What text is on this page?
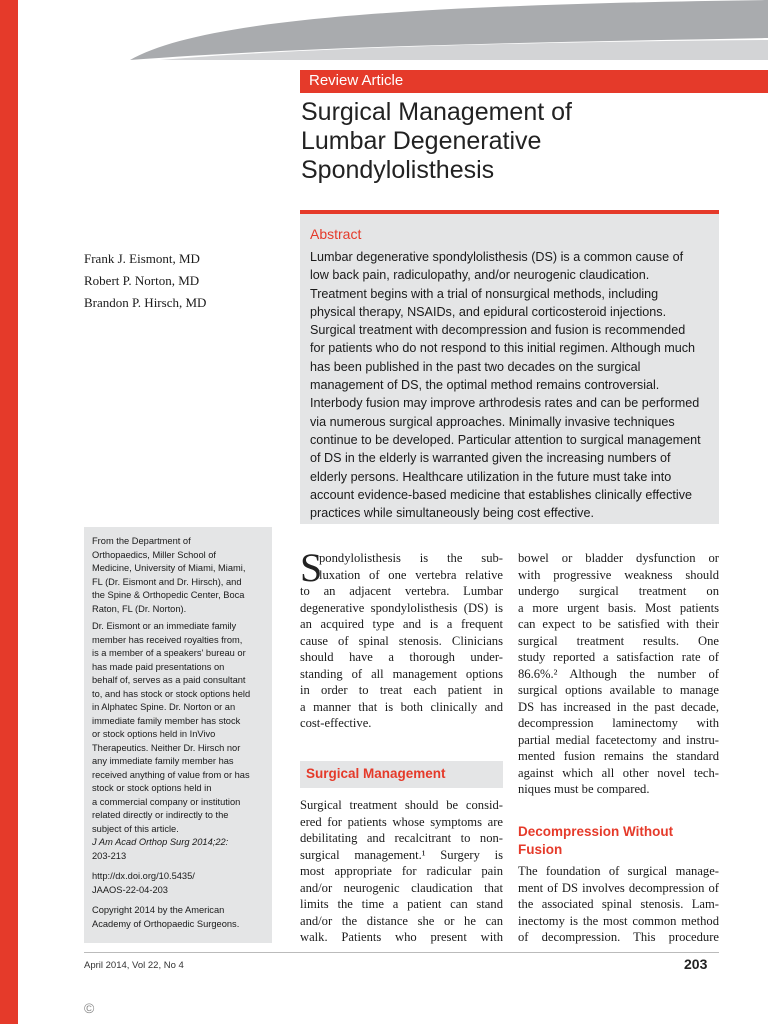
Review Article
Surgical Management of
Lumbar Degenerative
Spondylolisthesis
Frank J. Eismont, MD
Robert P. Norton, MD
Brandon P. Hirsch, MD
Abstract

Lumbar degenerative spondylolisthesis (DS) is a common cause of
low back pain, radiculopathy, and/or neurogenic claudication.
Treatment begins with a trial of nonsurgical methods, including
physical therapy, NSAIDs, and epidural corticosteroid injections.
Surgical treatment with decompression and fusion is recommended
for patients who do not respond to this initial regimen. Although much
has been published in the past two decades on the surgical
management of DS, the optimal method remains controversial.
Interbody fusion may improve arthrodesis rates and can be performed
via numerous surgical approaches. Minimally invasive techniques
continue to be developed. Particular attention to surgical management
of DS in the elderly is warranted given the increasing numbers of
elderly persons. Healthcare utilization in the future must take into
account evidence-based medicine that establishes clinically effective
practices while simultaneously being cost effective.

From the Department of
Orthopaedics, Miller School of
Medicine, University of Miami, Miami,
FL (Dr. Eismont and Dr. Hirsch), and
the Spine & Orthopedic Center, Boca
Raton, FL (Dr. Norton).

Dr. Eismont or an immediate family
member has received royalties from,
is a member of a speakers' bureau or
has made paid presentations on
behalf of, serves as a paid consultant
to, and has stock or stock options held
in Alphatec Spine. Dr. Norton or an
immediate family member has stock
or stock options held in InVivo
Therapeutics. Neither Dr. Hirsch nor
any immediate family member has
received anything of value from or has
stock or stock options held in
a commercial company or institution
related directly or indirectly to the
subject of this article.

J Am Acad Orthop Surg 2014;22:
203-213

http://dx.doi.org/10.5435/
JAAOS-22-04-203

Copyright 2014 by the American
Academy of Orthopaedic Surgeons.

S
pondylolisthesis is the sub-
luxation of one vertebra relative
to an adjacent vertebra. Lumbar
degenerative spondylolisthesis (DS) is
an acquired type and is a frequent
cause of spinal stenosis. Clinicians
should have a thorough under-
standing of all management options
in order to treat each patient in
a manner that is both clinically and
cost-effective.
Surgical Management
Surgical treatment should be consid-
ered for patients whose symptoms are
debilitating and recalcitrant to non-
surgical management.¹ Surgery is
most appropriate for radicular pain
and/or neurogenic claudication that
limits the time a patient can stand
and/or the distance she or he can
walk. Patients who present with
bowel or bladder dysfunction or
with progressive weakness should
undergo surgical treatment on
a more urgent basis. Most patients
can expect to be satisfied with their
surgical treatment results. One
study reported a satisfaction rate of
86.6%.² Although the number of
surgical options available to manage
DS has increased in the past decade,
decompression laminectomy with
partial medial facetectomy and instru-
mented fusion remains the standard
against which all other novel tech-
niques must be compared.
Decompression Without
Fusion
The foundation of surgical manage-
ment of DS involves decompression of
the associated spinal stenosis. Lam-
inectomy is the most common method
of decompression. This procedure
April 2014, Vol 22, No 4	203
©
